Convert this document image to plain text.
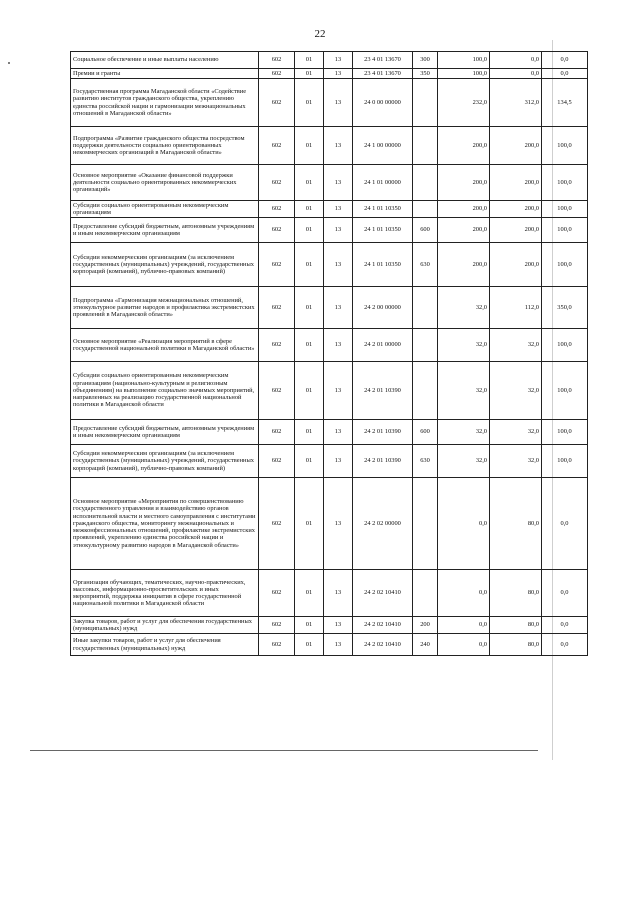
22
Социальное обеспечение и иные выплаты населению	602	01	13	23 4 01 13670	300	100,0	0,0	0,0
Премии и гранты	602	01	13	23 4 01 13670	350	100,0	0,0	0,0
Государственная программа Магаданской области «Содействие развитию институтов гражданского общества, укреплению единства российской нации и гармонизации межнациональных отношений в Магаданской области»	602	01	13	24 0 00 00000		232,0	312,0	134,5
Подпрограмма «Развитие гражданского общества посредством поддержки деятельности социально ориентированных некоммерческих организаций в Магаданской области»	602	01	13	24 1 00 00000		200,0	200,0	100,0
Основное мероприятие «Оказание финансовой поддержки деятельности социально ориентированных некоммерческих организаций»	602	01	13	24 1 01 00000		200,0	200,0	100,0
Субсидии социально ориентированным некоммерческим организациям	602	01	13	24 1 01 10350		200,0	200,0	100,0
Предоставление субсидий бюджетным, автономным учреждениям и иным некоммерческим организациям	602	01	13	24 1 01 10350	600	200,0	200,0	100,0
Субсидии некоммерческим организациям (за исключением государственных (муниципальных) учреждений, государственных корпораций (компаний), публично-правовых компаний)	602	01	13	24 1 01 10350	630	200,0	200,0	100,0
Подпрограмма «Гармонизация межнациональных отношений, этнокультурное развитие народов и профилактика экстремистских проявлений в Магаданской области»	602	01	13	24 2 00 00000		32,0	112,0	350,0
Основное мероприятие «Реализация мероприятий в сфере государственной национальной политики в Магаданской области»	602	01	13	24 2 01 00000		32,0	32,0	100,0
Субсидии социально ориентированным некоммерческим организациям (национально-культурным и религиозным объединениям) на выполнение социально значимых мероприятий, направленных на реализацию государственной национальной политики в Магаданской области	602	01	13	24 2 01 10390		32,0	32,0	100,0
Предоставление субсидий бюджетным, автономным учреждениям и иным некоммерческим организациям	602	01	13	24 2 01 10390	600	32,0	32,0	100,0
Субсидии некоммерческим организациям (за исключением государственных (муниципальных) учреждений, государственных корпораций (компаний), публично-правовых компаний)	602	01	13	24 2 01 10390	630	32,0	32,0	100,0
Основное мероприятие «Мероприятия по совершенствованию государственного управления и взаимодействию органов исполнительной власти и местного самоуправления с институтами гражданского общества, мониторингу межнациональных и межконфессиональных отношений, профилактике экстремистских проявлений, укреплению единства российской нации и этнокультурному развитию народов в Магаданской области»	602	01	13	24 2 02 00000		0,0	80,0	0,0
Организация обучающих, тематических, научно-практических, массовых, информационно-просветительских и иных мероприятий, поддержка инициатив в сфере государственной национальной политики в Магаданской области	602	01	13	24 2 02 10410		0,0	80,0	0,0
Закупка товаров, работ и услуг для обеспечения государственных (муниципальных) нужд	602	01	13	24 2 02 10410	200	0,0	80,0	0,0
Иные закупки товаров, работ и услуг для обеспечения государственных (муниципальных) нужд	602	01	13	24 2 02 10410	240	0,0	80,0	0,0
